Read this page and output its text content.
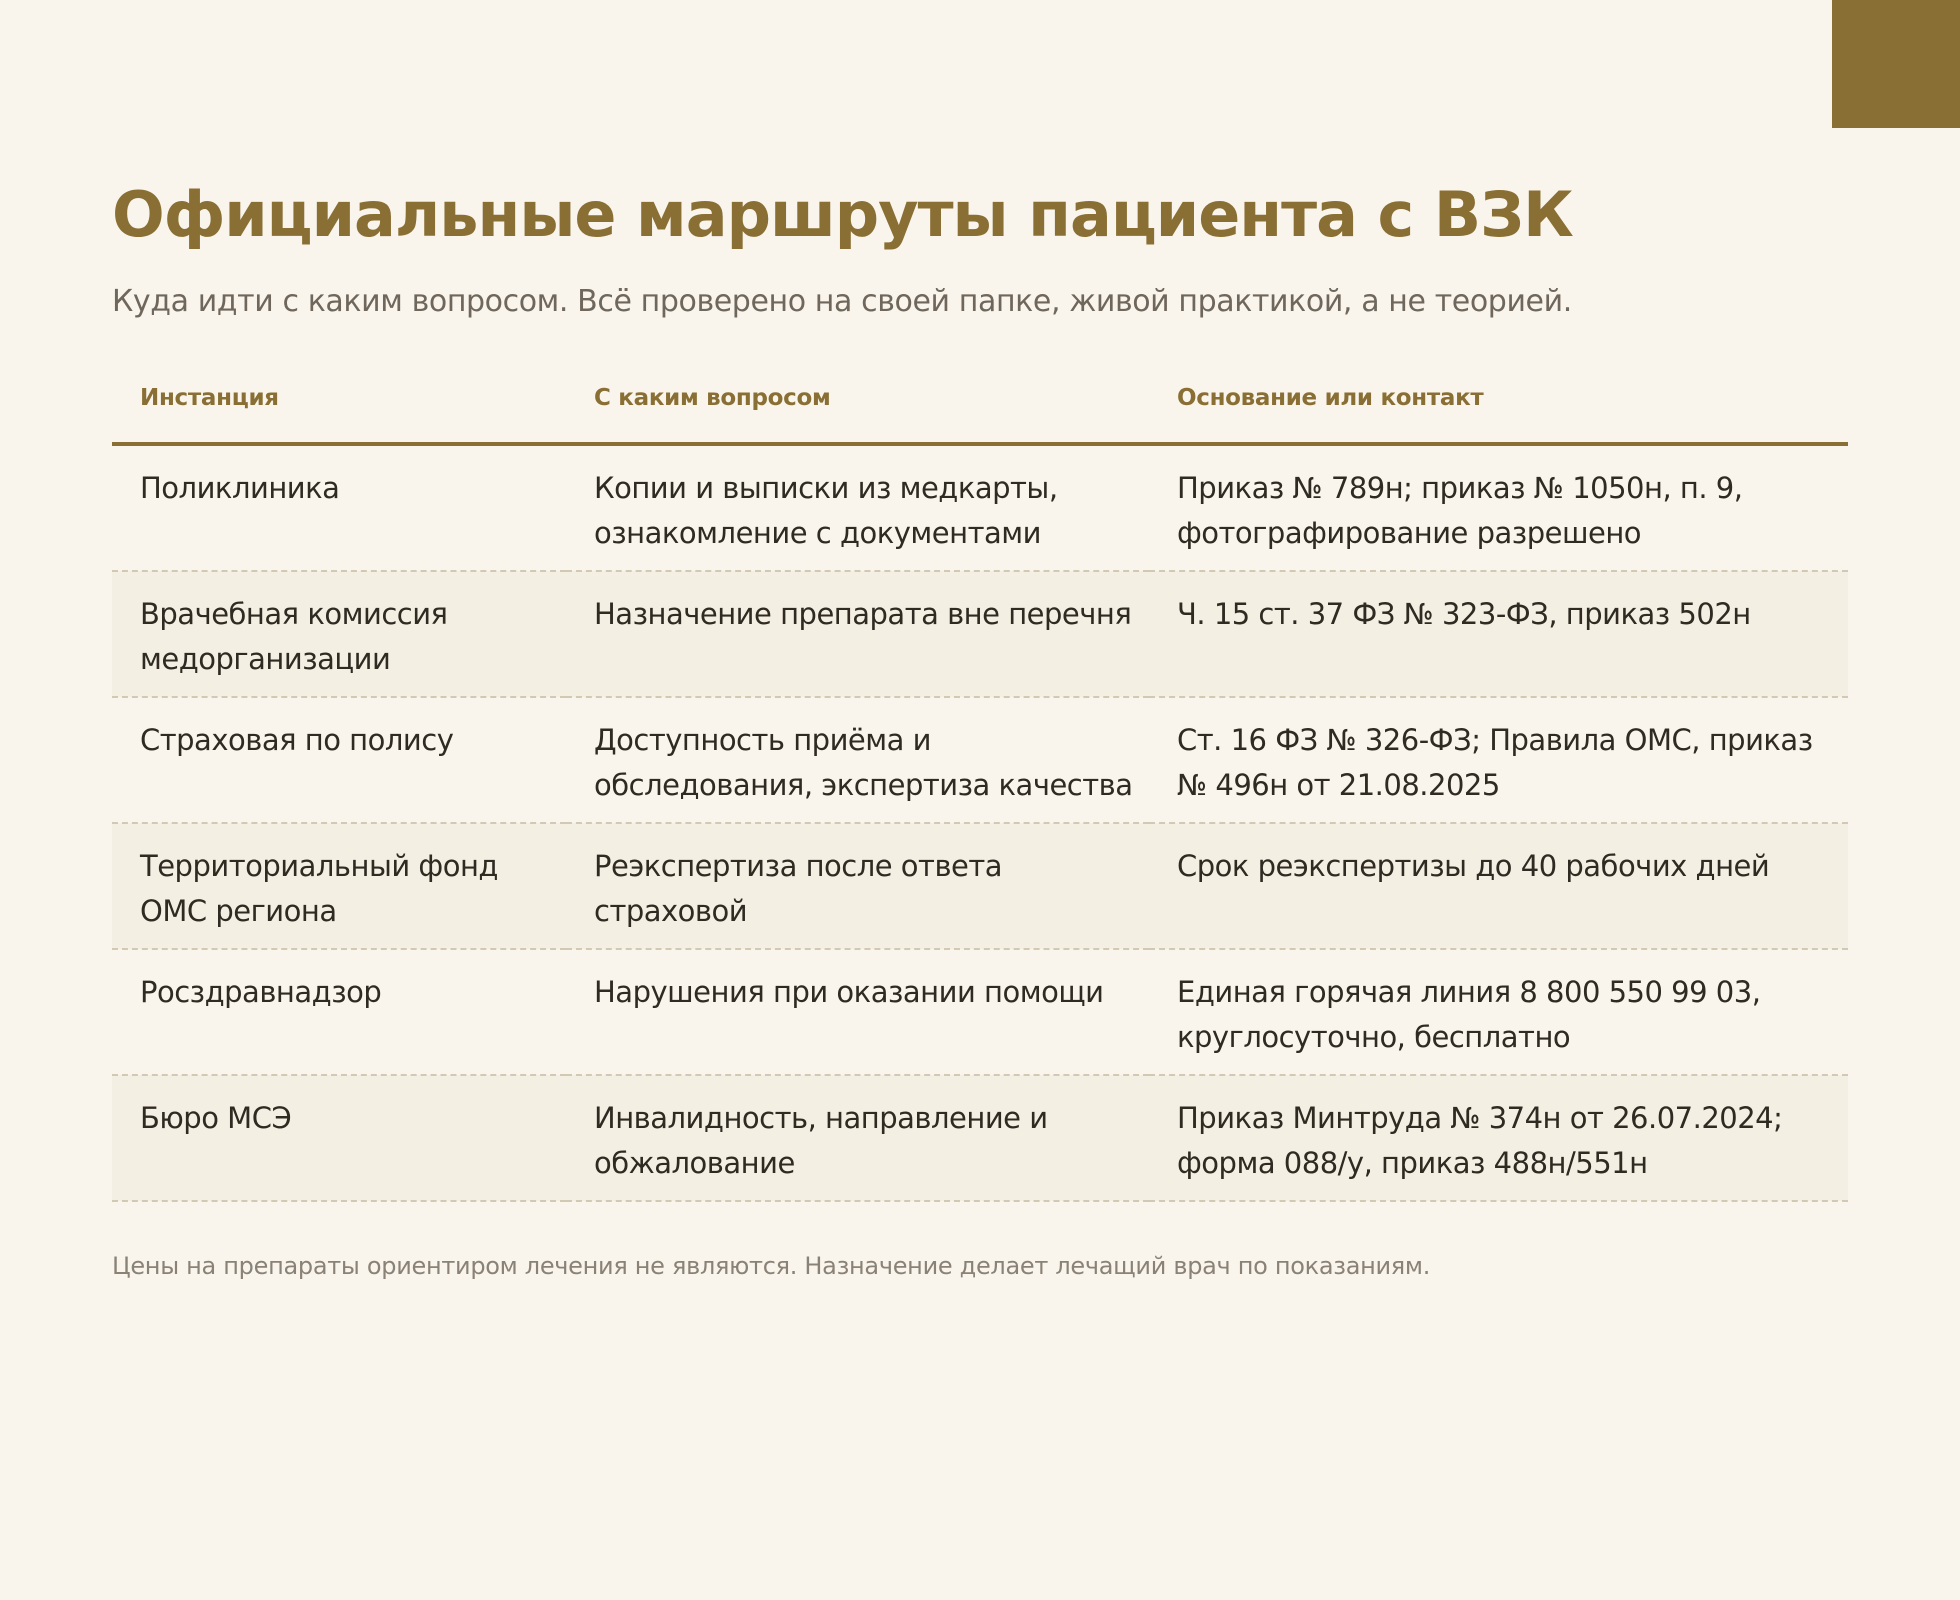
Официальные маршруты пациента с ВЗК
Куда идти с каким вопросом. Всё проверено на своей папке, живой практикой, а не теорией.
Инстанция	С каким вопросом	Основание или контакт
Поликлиника	Копии и выписки из медкарты, ознакомление с документами	Приказ № 789н; приказ № 1050н, п. 9, фотографирование разрешено
Врачебная комиссия медорганизации	Назначение препарата вне перечня	Ч. 15 ст. 37 ФЗ № 323-ФЗ, приказ 502н
Страховая по полису	Доступность приёма и обследования, экспертиза качества	Ст. 16 ФЗ № 326-ФЗ; Правила ОМС, приказ № 496н от 21.08.2025
Территориальный фонд ОМС региона	Реэкспертиза после ответа страховой	Срок реэкспертизы до 40 рабочих дней
Росздравнадзор	Нарушения при оказании помощи	Единая горячая линия 8 800 550 99 03, круглосуточно, бесплатно
Бюро МСЭ	Инвалидность, направление и обжалование	Приказ Минтруда № 374н от 26.07.2024; форма 088/у, приказ 488н/551н
Цены на препараты ориентиром лечения не являются. Назначение делает лечащий врач по показаниям.
